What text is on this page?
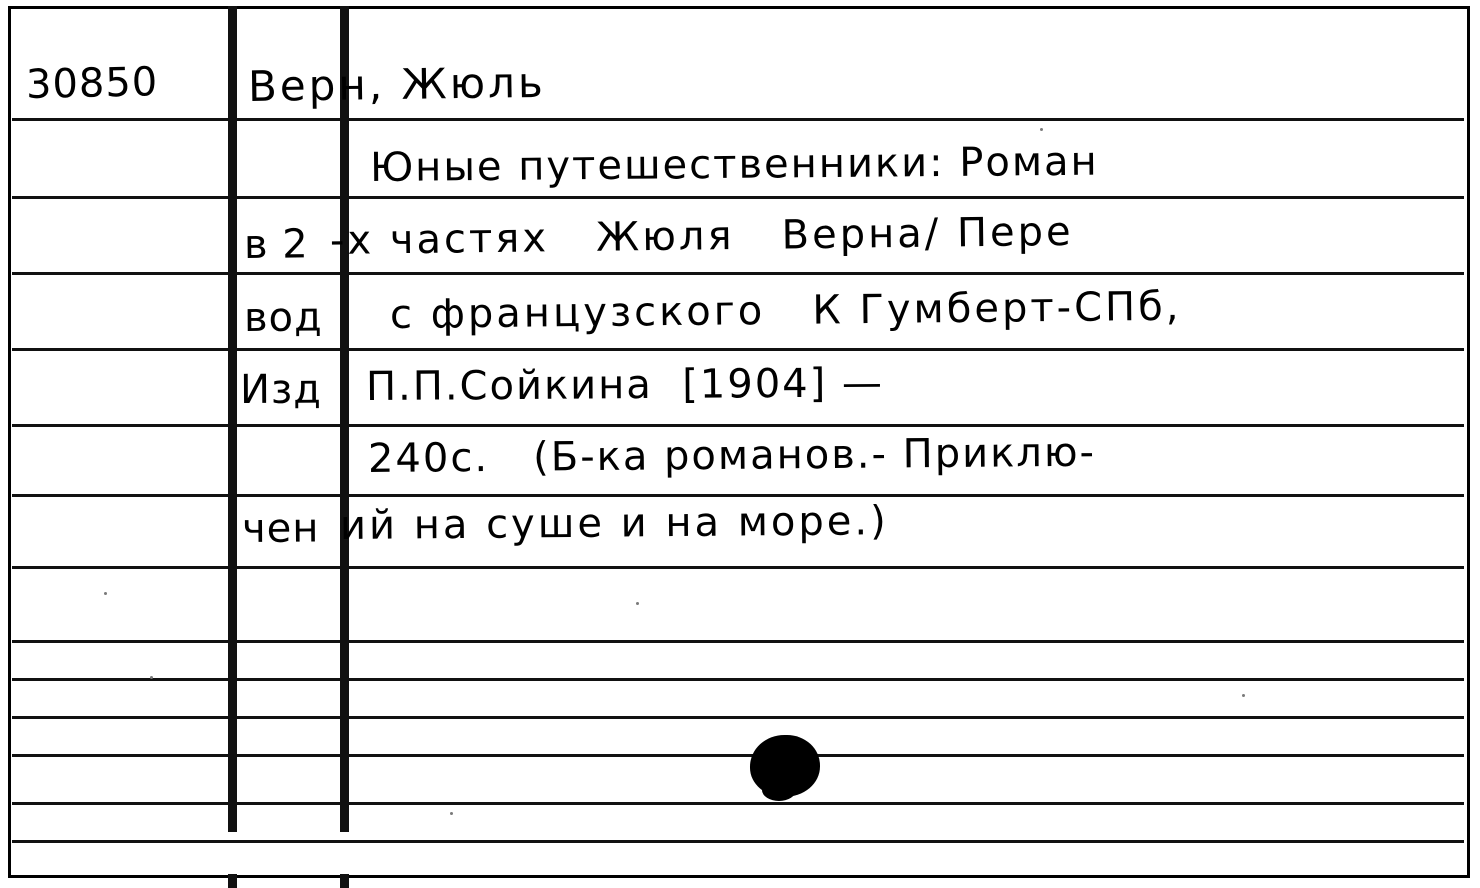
30850 Верн, Жюль
Юные путешественники: Роман
в 2 -х частях   Жюля   Верна/ Пере
вод с французского   К Гумберт-СПб,
Изд П.П.Сойкина  [1904] —
240с.   (Б-ка романов.- Приклю-
чен ий на суше и на море.)
